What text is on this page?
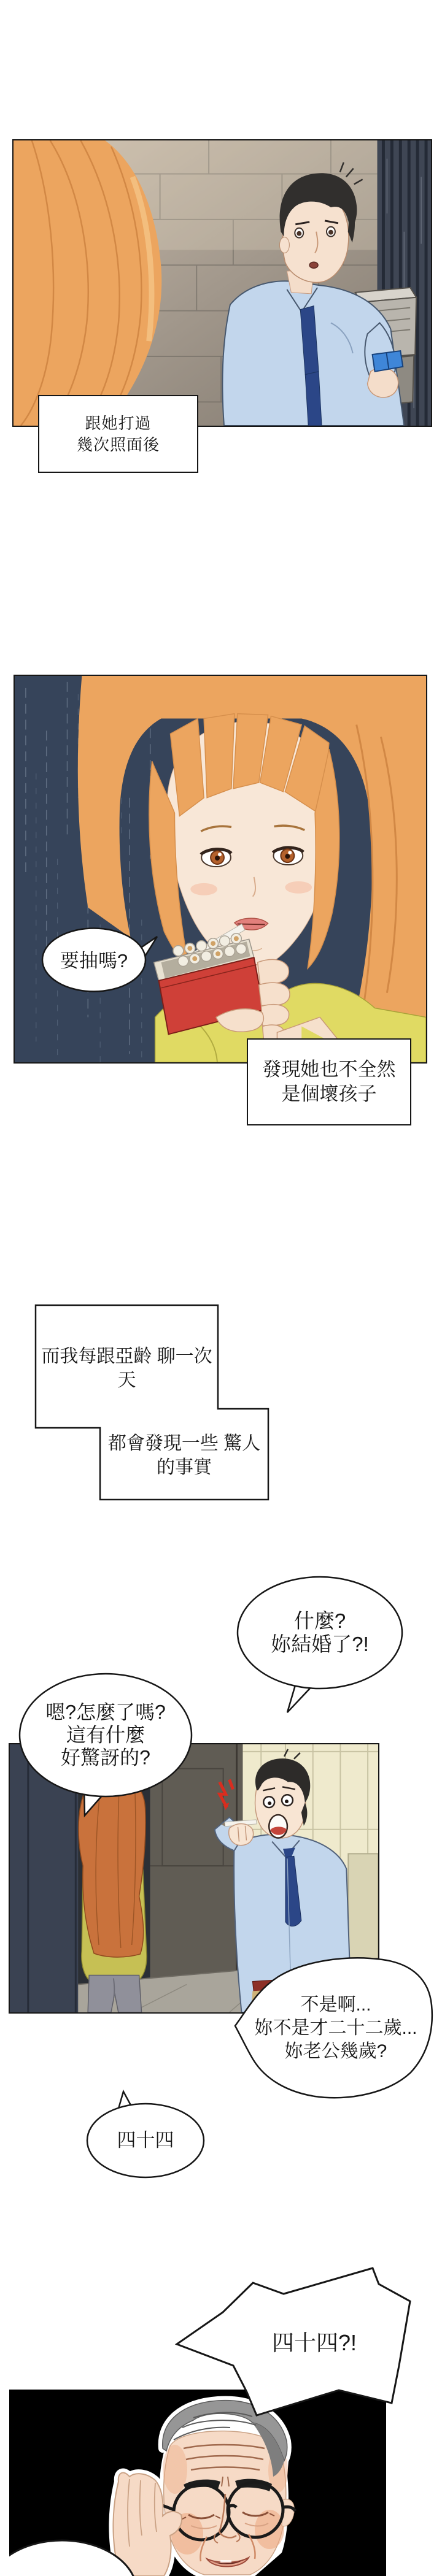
跟她打過
幾次照面後
要抽嗎?
發現她也不全然
是個壞孩子
而我每跟亞齡 聊一次天
都會發現一些 驚人的事實
什麼?
妳結婚了?!
嗯?怎麼了嗎?
這有什麼
好驚訝的?
不是啊...
妳不是才二十二歲...
妳老公幾歲?
四十四
四十四?!
